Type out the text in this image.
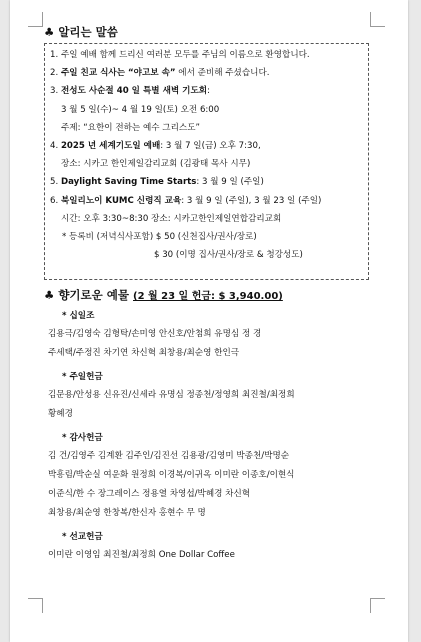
♣ 알리는 말씀
1. 주일 예배 함께 드리신 여러분 모두를 주님의 이름으로 환영합니다.
2. 주일 친교 식사는 “야고보 속” 에서 준비해 주셨습니다.
3. 전성도 사순절 40 일 특별 새벽 기도회:
3 월 5 일(수)~ 4 월 19 일(토) 오전 6:00
주제: “요한이 전하는 예수 그리스도”
4. 2025 년 세계기도일 예배: 3 월 7 일(금) 오후 7:30,
장소: 시카고 한인제일감리교회 (김광태 목사 시무)
5. Daylight Saving Time Starts: 3 월 9 일 (주일)
6. 북일리노이 KUMC 신령직 교육: 3 월 9 일 (주일), 3 월 23 일 (주일)
시간: 오후 3:30~8:30 장소: 시카고한인제일연합감리교회
* 등록비 (저녁식사포함) $ 50 (신천집사/권사/장로)
$ 30 (이명 집사/권사/장로 & 청강성도)
♣ 향기로운 예물 (2 월 23 일 헌금: $ 3,940.00)
* 십일조
김용극/김영숙 김형탁/손미영 안신호/안첨희 유명심 정 경
주세택/주정진 차기연 차신혁 최창용/최순영 한인극
* 주일헌금
김문용/안성용 신유진/신세라 유명심 정종천/정영희 최진철/최정희
황혜경
* 감사헌금
김 건/김영주 김계환 김주인/김진선 김용광/김영미 박종천/박명순
박흥림/박순실 여운화 원정희 이경복/이귀옥 이미란 이종호/이현식
이준식/한 수 장그레이스 정용열 차영섭/박혜경 차신혁
최창용/최순영 한창복/한신자 홍현수 무 명
* 선교헌금
이미란 이영임 최진철/최정희 One Dollar Coffee
